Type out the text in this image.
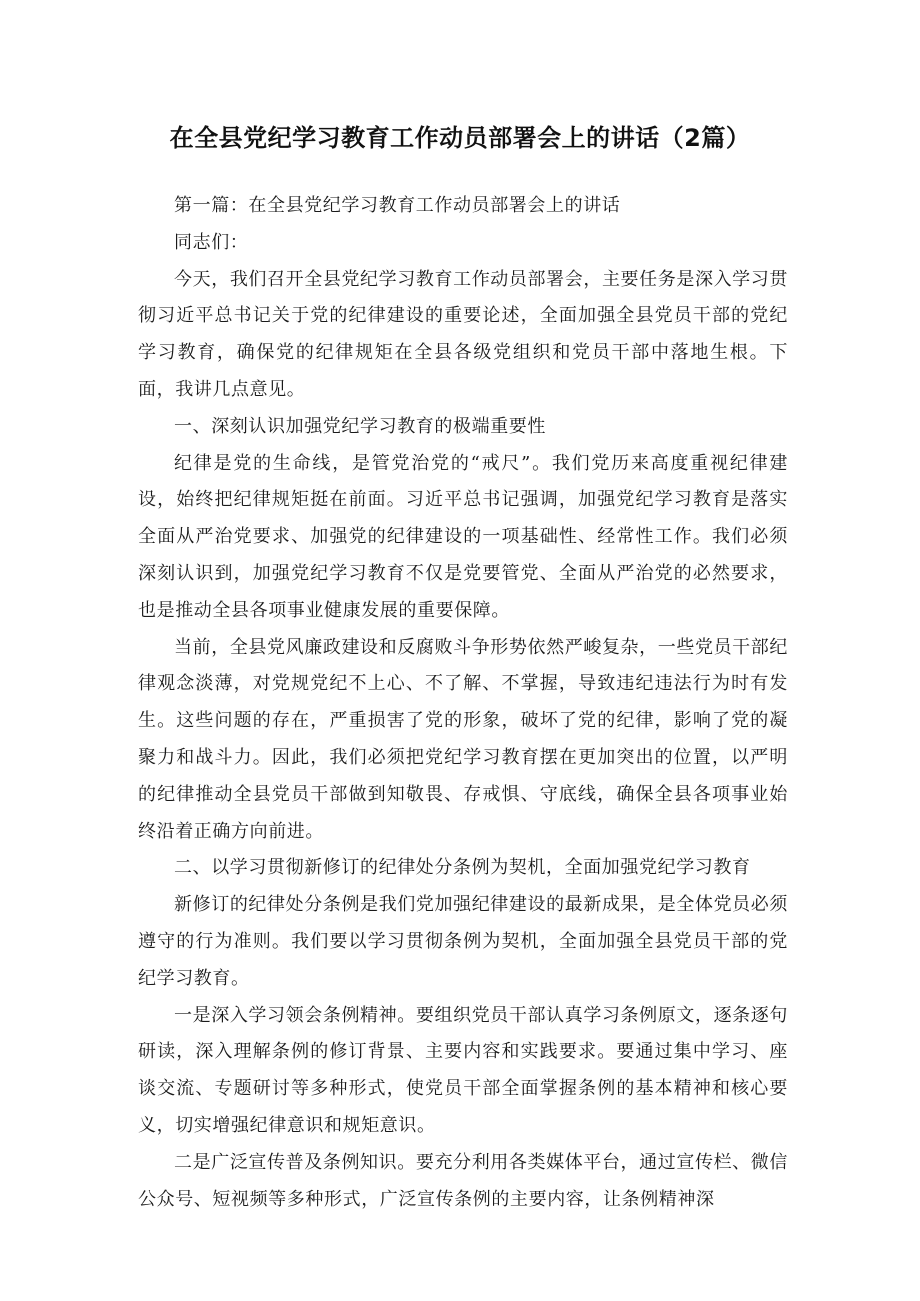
在全县党纪学习教育工作动员部署会上的讲话（2篇）

第一篇：在全县党纪学习教育工作动员部署会上的讲话

同志们：

今天，我们召开全县党纪学习教育工作动员部署会，主要任务是深入学习贯彻习近平总书记关于党的纪律建设的重要论述，全面加强全县党员干部的党纪学习教育，确保党的纪律规矩在全县各级党组织和党员干部中落地生根。下面，我讲几点意见。

一、深刻认识加强党纪学习教育的极端重要性

纪律是党的生命线，是管党治党的“戒尺”。我们党历来高度重视纪律建设，始终把纪律规矩挺在前面。习近平总书记强调，加强党纪学习教育是落实全面从严治党要求、加强党的纪律建设的一项基础性、经常性工作。我们必须深刻认识到，加强党纪学习教育不仅是党要管党、全面从严治党的必然要求，也是推动全县各项事业健康发展的重要保障。

当前，全县党风廉政建设和反腐败斗争形势依然严峻复杂，一些党员干部纪律观念淡薄，对党规党纪不上心、不了解、不掌握，导致违纪违法行为时有发生。这些问题的存在，严重损害了党的形象，破坏了党的纪律，影响了党的凝聚力和战斗力。因此，我们必须把党纪学习教育摆在更加突出的位置，以严明的纪律推动全县党员干部做到知敬畏、存戒惧、守底线，确保全县各项事业始终沿着正确方向前进。

二、以学习贯彻新修订的纪律处分条例为契机，全面加强党纪学习教育

新修订的纪律处分条例是我们党加强纪律建设的最新成果，是全体党员必须遵守的行为准则。我们要以学习贯彻条例为契机，全面加强全县党员干部的党纪学习教育。

一是深入学习领会条例精神。要组织党员干部认真学习条例原文，逐条逐句研读，深入理解条例的修订背景、主要内容和实践要求。要通过集中学习、座谈交流、专题研讨等多种形式，使党员干部全面掌握条例的基本精神和核心要义，切实增强纪律意识和规矩意识。

二是广泛宣传普及条例知识。要充分利用各类媒体平台，通过宣传栏、微信公众号、短视频等多种形式，广泛宣传条例的主要内容，让条例精神深
